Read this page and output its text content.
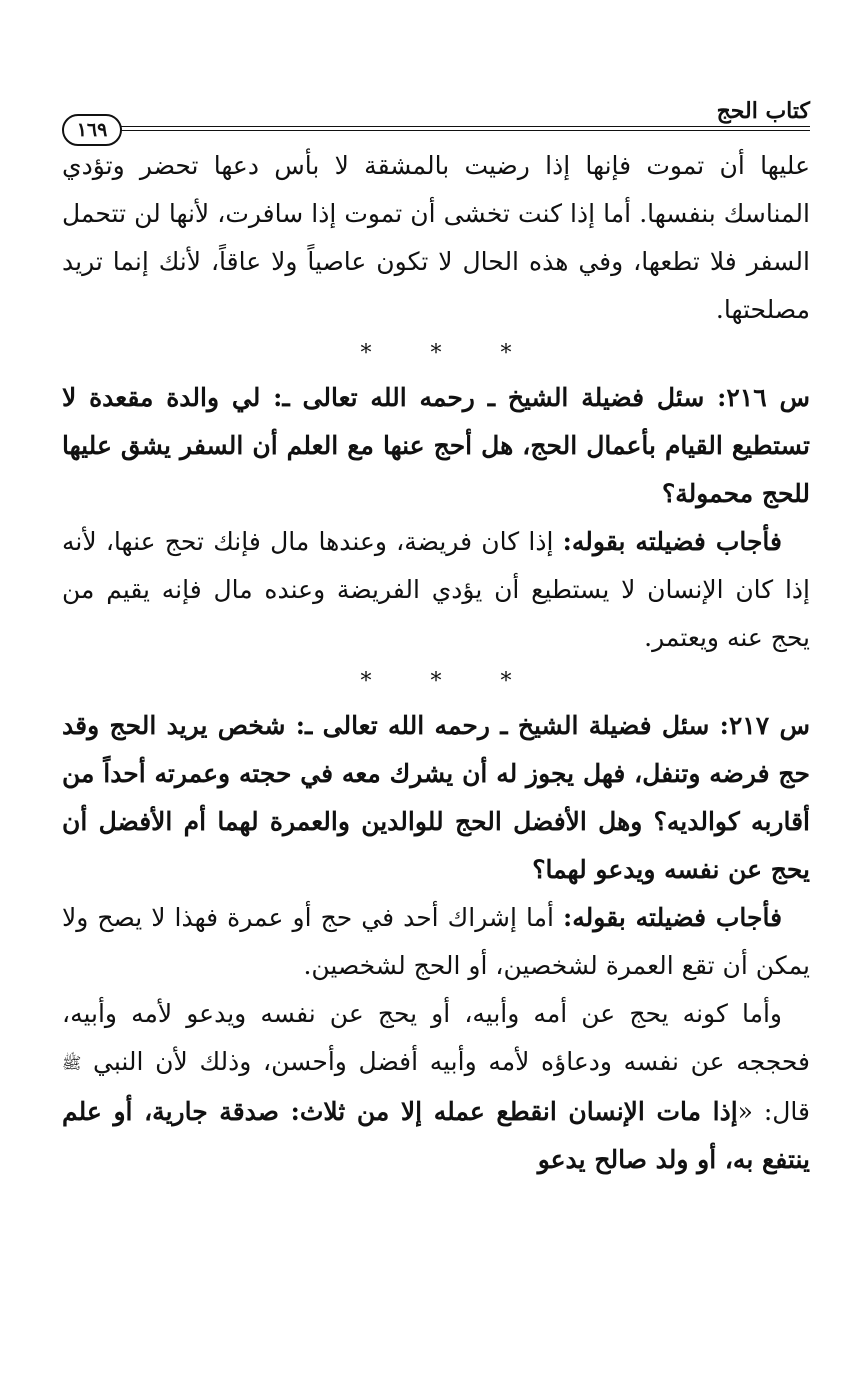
كتاب الحج
١٦٩

عليها أن تموت فإنها إذا رضيت بالمشقة لا بأس دعها تحضر وتؤدي المناسك بنفسها. أما إذا كنت تخشى أن تموت إذا سافرت، لأنها لن تتحمل السفر فلا تطعها، وفي هذه الحال لا تكون عاصياً ولا عاقاً، لأنك إنما تريد مصلحتها.

* * *

س ٢١٦: سئل فضيلة الشيخ ـ رحمه الله تعالى ـ: لي والدة مقعدة لا تستطيع القيام بأعمال الحج، هل أحج عنها مع العلم أن السفر يشق عليها للحج محمولة؟

فأجاب فضيلته بقوله: إذا كان فريضة، وعندها مال فإنك تحج عنها، لأنه إذا كان الإنسان لا يستطيع أن يؤدي الفريضة وعنده مال فإنه يقيم من يحج عنه ويعتمر.

* * *

س ٢١٧: سئل فضيلة الشيخ ـ رحمه الله تعالى ـ: شخص يريد الحج وقد حج فرضه وتنفل، فهل يجوز له أن يشرك معه في حجته وعمرته أحداً من أقاربه كوالديه؟ وهل الأفضل الحج للوالدين والعمرة لهما أم الأفضل أن يحج عن نفسه ويدعو لهما؟

فأجاب فضيلته بقوله: أما إشراك أحد في حج أو عمرة فهذا لا يصح ولا يمكن أن تقع العمرة لشخصين، أو الحج لشخصين.

وأما كونه يحج عن أمه وأبيه، أو يحج عن نفسه ويدعو لأمه وأبيه، فحججه عن نفسه ودعاؤه لأمه وأبيه أفضل وأحسن، وذلك لأن النبي ﷺ قال: «إذا مات الإنسان انقطع عمله إلا من ثلاث: صدقة جارية، أو علم ينتفع به، أو ولد صالح يدعو
